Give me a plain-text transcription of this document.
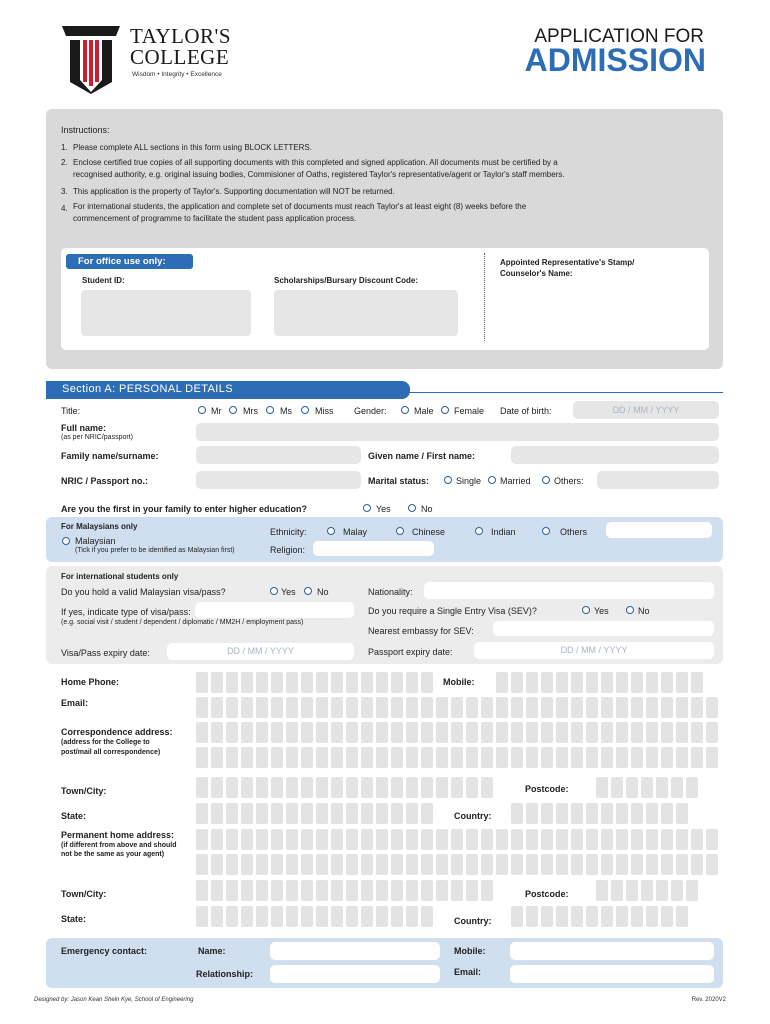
TAYLOR'S
COLLEGE
Wisdom • Integrity • Excellence
APPLICATION FOR
ADMISSION
Instructions:
1. Please complete ALL sections in this form using BLOCK LETTERS.
2. Enclose certified true copies of all supporting documents with this completed and signed application. All documents must be certified by a
recognised authority, e.g. original issuing bodies, Commisioner of Oaths, registered Taylor's representative/agent or Taylor's staff members.
3. This application is the property of Taylor's. Supporting documentation will NOT be returned.
4. For international students, the application and complete set of documents must reach Taylor's at least eight (8) weeks before the
commencement of programme to facilitate the student pass application process.
For office use only:
Student ID:	Scholarships/Bursary Discount Code:
Appointed Representative's Stamp/
Counselor's Name:
Section A: PERSONAL DETAILS
Title:	Mr Mrs Ms	Miss Gender:	Male Female Date of birth:	DD / MM / YYYY
Full name:
(as per NRIC/passport)
Family name/surname:	Given name / First name:
NRIC / Passport no.:	Marital status:	Single Married	Others:
Are you the first in your family to enter higher education?	Yes	No
For Malaysians only
Malaysian
(Tick if you prefer to be identified as Malaysian first)
Ethnicity:	Malay	Chinese	Indian	Others
Religion:
For international students only
Do you hold a valid Malaysian visa/pass?	Yes No	Nationality:
If yes, indicate type of visa/pass:
(e.g. social visit / student / dependent / diplomatic / MM2H / employment pass)
Do you require a Single Entry Visa (SEV)?	Yes	No
Nearest embassy for SEV:
Visa/Pass expiry date:	DD / MM / YYYY	Passport expiry date:	DD / MM / YYYY
Home Phone:	Mobile:
Email:
Correspondence address:
(address for the College to
post/mail all correspondence)
Town/City:	Postcode:
State:	Country:
Permanent home address:
(if different from above and should
not be the same as your agent)
Town/City:	Postcode:
State:	Country:
Emergency contact:	Name:	Mobile:
Relationship:	Email:
Designed by: Jason Kean Shein Kye, School of Engineering	Rev. 2020V2
